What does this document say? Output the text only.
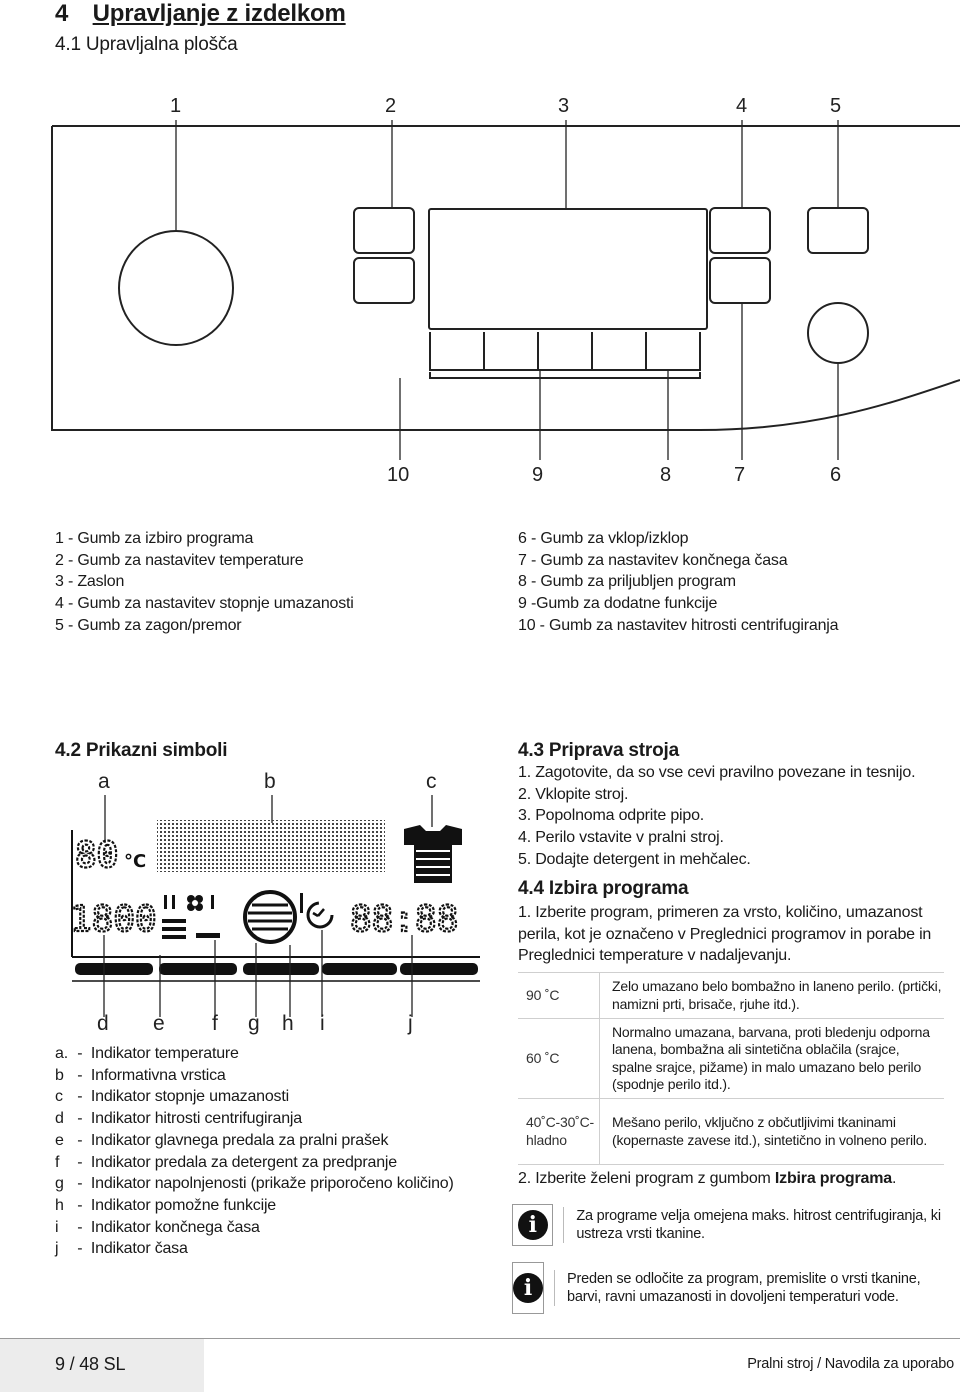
4 Upravljanje z izdelkom
4.1 Upravljalna plošča
1	2	3	4	5
10	9	8	7	6
1 - Gumb za izbiro programa
2 - Gumb za nastavitev temperature
3 - Zaslon
4 - Gumb za nastavitev stopnje umazanosti
5 - Gumb za zagon/premor
6 - Gumb za vklop/izklop
7 - Gumb za nastavitev končnega časa
8 - Gumb za priljubljen program
9 -Gumb za dodatne funkcije
10 - Gumb za nastavitev hitrosti centrifugiranja
4.2 Prikazni simboli
a	b	c
80 °C
1800	88:88
d e f g h i	j
a. -  Indikator temperature
b -  Informativna vrstica
c -  Indikator stopnje umazanosti
d -  Indikator hitrosti centrifugiranja
e -  Indikator glavnega predala za pralni prašek
f -  Indikator predala za detergent za predpranje
g -  Indikator napolnjenosti (prikaže priporočeno količino)
h -  Indikator pomožne funkcije
i -  Indikator končnega časa
j -  Indikator časa
4.3 Priprava stroja
1. Zagotovite, da so vse cevi pravilno povezane in tesnijo.
2. Vklopite stroj.
3. Popolnoma odprite pipo.
4. Perilo vstavite v pralni stroj.
5. Dodajte detergent in mehčalec.
4.4 Izbira programa
1. Izberite program, primeren za vrsto, količino, umazanost perila, kot je označeno v Preglednici programov in porabe in Preglednici temperature v nadaljevanju.
90 ˚C	Zelo umazano belo bombažno in laneno perilo. (prtički, namizni prti, brisače, rjuhe itd.).
60 ˚C	Normalno umazana, barvana, proti bledenju odporna lanena, bombažna ali sintetična oblačila (srajce, spalne srajce, pižame) in malo umazano belo perilo (spodnje perilo itd.).
40˚C-30˚C-hladno	Mešano perilo, vključno z občutljivimi tkaninami (kopernaste zavese itd.), sintetično in volneno perilo.
2. Izberite želeni program z gumbom Izbira programa.
i	Za programe velja omejena maks. hitrost centrifugiranja, ki ustreza vrsti tkanine.
i	Preden se odločite za program, premislite o vrsti tkanine, barvi, ravni umazanosti in dovoljeni temperaturi vode.
9 / 48 SL	Pralni stroj / Navodila za uporabo
